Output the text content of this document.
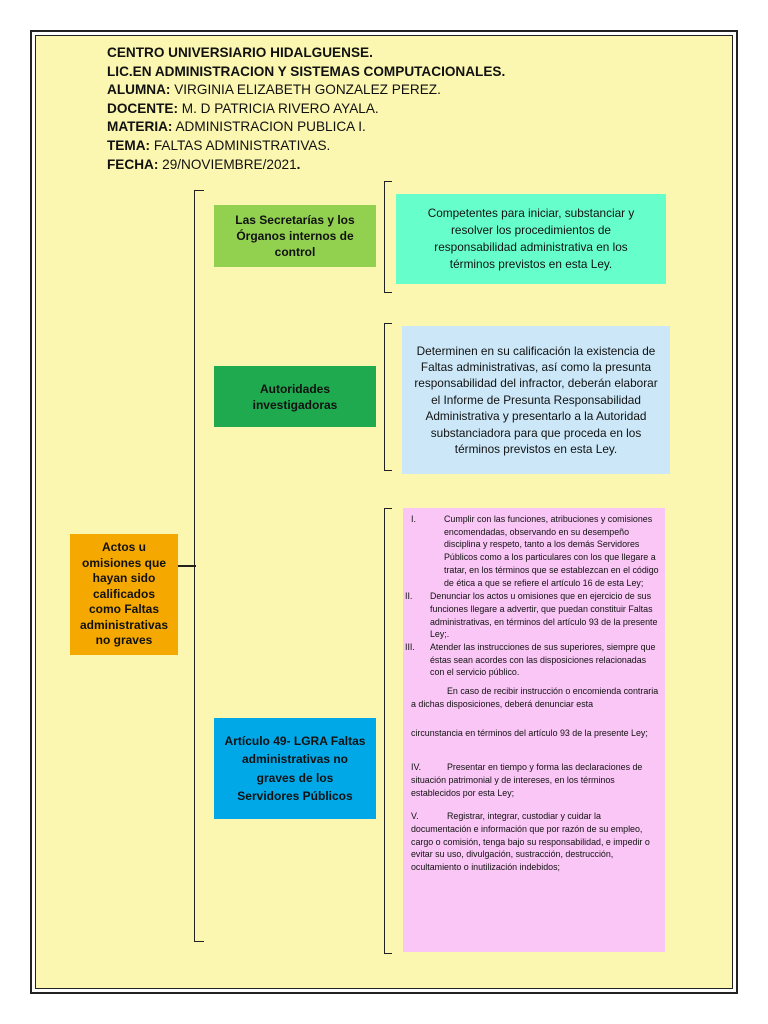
CENTRO UNIVERSIARIO HIDALGUENSE.
LIC.EN ADMINISTRACION Y SISTEMAS COMPUTACIONALES.
ALUMNA: VIRGINIA ELIZABETH GONZALEZ PEREZ.
DOCENTE: M. D PATRICIA RIVERO AYALA.
MATERIA: ADMINISTRACION PUBLICA I.
TEMA: FALTAS ADMINISTRATIVAS.
FECHA: 29/NOVIEMBRE/2021.
Actos u omisiones que hayan sido calificados como Faltas administrativas no graves
Las Secretarías y los Órganos internos de control
Competentes para iniciar, substanciar y resolver los procedimientos de responsabilidad administrativa en los términos previstos en esta Ley.
Autoridades investigadoras
Determinen en su calificación la existencia de Faltas administrativas, así como la presunta responsabilidad del infractor, deberán elaborar el Informe de Presunta Responsabilidad Administrativa y presentarlo a la Autoridad substanciadora para que proceda en los términos previstos en esta Ley.
Artículo 49- LGRA Faltas administrativas no graves de los Servidores Públicos
I.	Cumplir con las funciones, atribuciones y comisiones encomendadas, observando en su desempeño disciplina y respeto, tanto a los demás Servidores Públicos como a los particulares con los que llegare a tratar, en los términos que se establezcan en el código de ética a que se refiere el artículo 16 de esta Ley;
II.	Denunciar los actos u omisiones que en ejercicio de sus funciones llegare a advertir, que puedan constituir Faltas administrativas, en términos del artículo 93 de la presente Ley;.
III.	Atender las instrucciones de sus superiores, siempre que éstas sean acordes con las disposiciones relacionadas con el servicio público.
En caso de recibir instrucción o encomienda contraria a dichas disposiciones, deberá denunciar esta
circunstancia en términos del artículo 93 de la presente Ley;
IV.	Presentar en tiempo y forma las declaraciones de situación patrimonial y de intereses, en los términos establecidos por esta Ley;
V.	Registrar, integrar, custodiar y cuidar la documentación e información que por razón de su empleo, cargo o comisión, tenga bajo su responsabilidad, e impedir o evitar su uso, divulgación, sustracción, destrucción, ocultamiento o inutilización indebidos;
